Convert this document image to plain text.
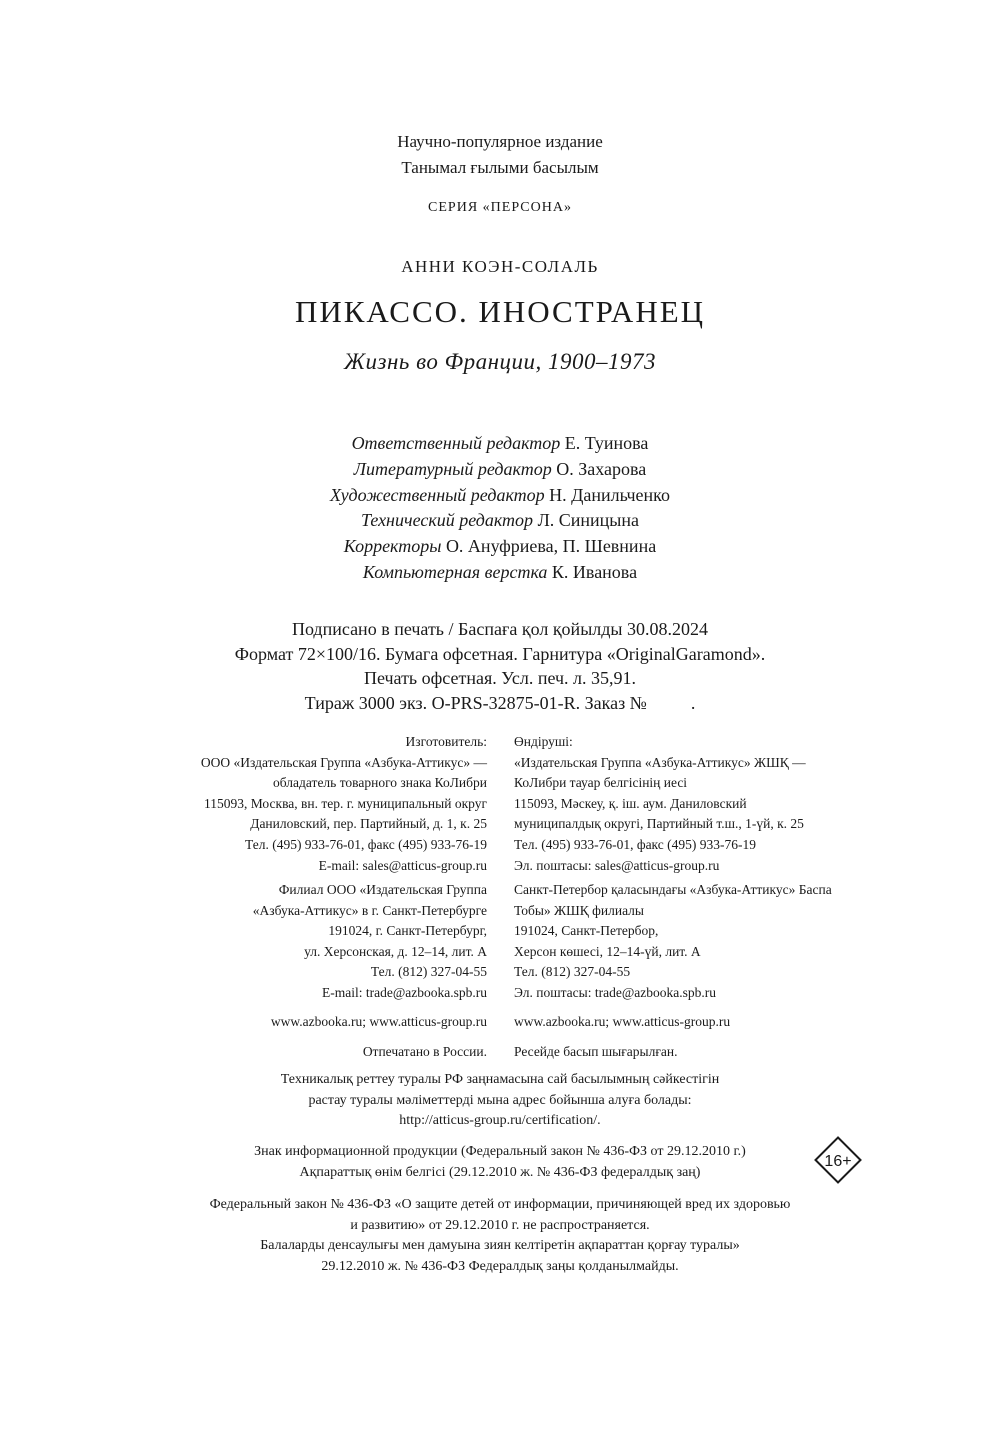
Научно-популярное издание
Танымал ғылыми басылым
СЕРИЯ «ПЕРСОНА»
АННИ КОЭН-СОЛАЛЬ
ПИКАССО. ИНОСТРАНЕЦ
Жизнь во Франции, 1900–1973
Ответственный редактор Е. Туинова
Литературный редактор О. Захарова
Художественный редактор Н. Данильченко
Технический редактор Л. Синицына
Корректоры О. Ануфриева, П. Шевнина
Компьютерная верстка К. Иванова
Подписано в печать / Баспаға қол қойылды 30.08.2024
Формат 72×100/16. Бумага офсетная. Гарнитура «OriginalGaramond».
Печать офсетная. Усл. печ. л. 35,91.
Тираж 3000 экз. O-PRS-32875-01-R. Заказ № .
Изготовитель:
ООО «Издательская Группа «Азбука-Аттикус» —
обладатель товарного знака КоЛибри
115093, Москва, вн. тер. г. муниципальный округ
Даниловский, пер. Партийный, д. 1, к. 25
Тел. (495) 933-76-01, факс (495) 933-76-19
E-mail: sales@atticus-group.ru
Өндіруші:
«Издательская Группа «Азбука-Аттикус» ЖШҚ —
КоЛибри тауар белгісінің иесі
115093, Мәскеу, қ. іш. аум. Даниловский
муниципалдық округі, Партийный т.ш., 1-үй, к. 25
Тел. (495) 933-76-01, факс (495) 933-76-19
Эл. поштасы: sales@atticus-group.ru
Филиал ООО «Издательская Группа
«Азбука-Аттикус» в г. Санкт-Петербурге
191024, г. Санкт-Петербург,
ул. Херсонская, д. 12–14, лит. А
Тел. (812) 327-04-55
E-mail: trade@azbooka.spb.ru
Санкт-Петербор қаласындағы «Азбука-Аттикус» Баспа
Тобы» ЖШҚ филиалы
191024, Санкт-Петербор,
Херсон көшесі, 12–14-үй, лит. А
Тел. (812) 327-04-55
Эл. поштасы: trade@azbooka.spb.ru
www.azbooka.ru; www.atticus-group.ru www.azbooka.ru; www.atticus-group.ru
Отпечатано в России. Ресейде басып шығарылған.
Техникалық реттеу туралы РФ заңнамасына сай басылымның сәйкестігін
растау туралы мәліметтерді мына адрес бойынша алуға болады:
http://atticus-group.ru/certification/.
Знак информационной продукции (Федеральный закон № 436-ФЗ от 29.12.2010 г.)
Ақпараттық өнім белгісі (29.12.2010 ж. № 436-ФЗ федералдық заң)
16+
Федеральный закон № 436-ФЗ «О защите детей от информации, причиняющей вред их здоровью
и развитию» от 29.12.2010 г. не распространяется.
Балаларды денсаулығы мен дамуына зиян келтіретін ақпараттан қорғау туралы»
29.12.2010 ж. № 436-ФЗ Федералдық заңы қолданылмайды.
